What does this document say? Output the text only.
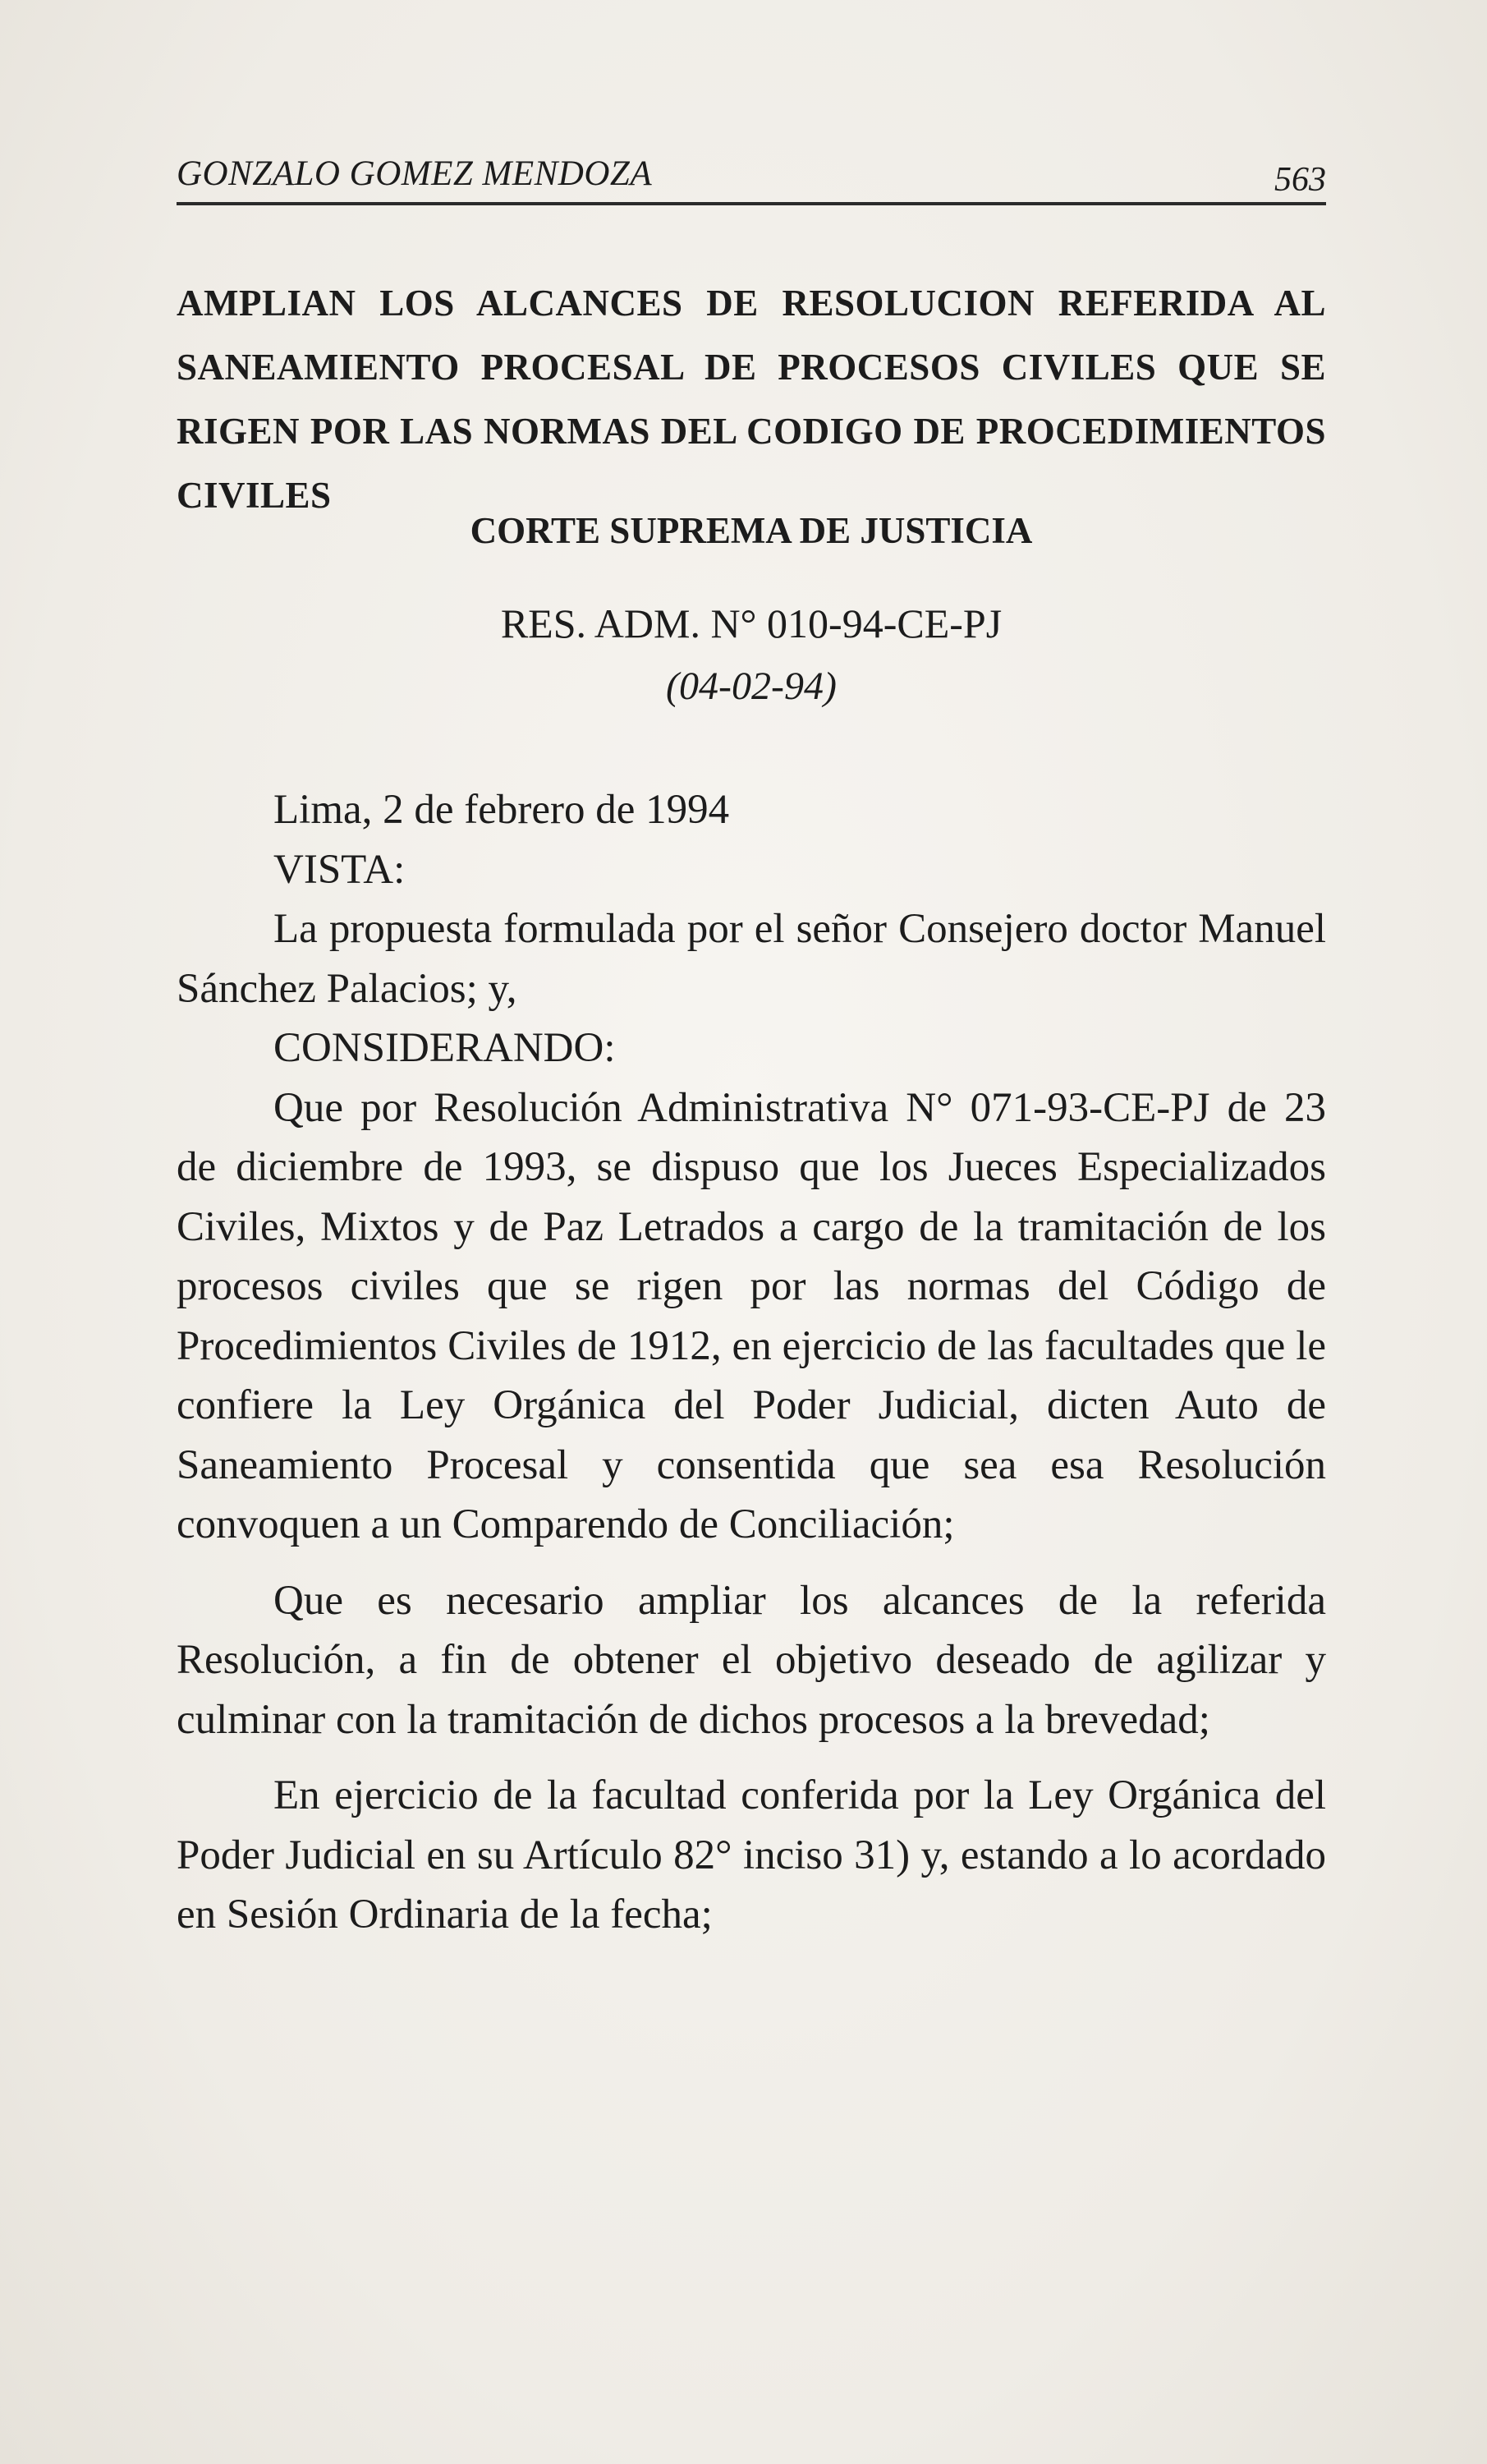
GONZALO GOMEZ MENDOZA	563
AMPLIAN LOS ALCANCES DE RESOLUCION REFERIDA AL SANEAMIENTO PROCESAL DE PROCESOS CIVILES QUE SE RIGEN POR LAS NORMAS DEL CODIGO DE PROCEDIMIENTOS CIVILES
CORTE SUPREMA DE JUSTICIA
RES. ADM. N° 010-94-CE-PJ
(04-02-94)

Lima, 2 de febrero de 1994

VISTA:

La propuesta formulada por el señor Consejero doctor Manuel Sánchez Palacios; y,

CONSIDERANDO:

Que por Resolución Administrativa N° 071-93-CE-PJ de 23 de diciembre de 1993, se dispuso que los Jueces Especializados Civiles, Mixtos y de Paz Letrados a cargo de la tramitación de los procesos civiles que se rigen por las normas del Código de Procedimientos Civiles de 1912, en ejercicio de las facultades que le confiere la Ley Orgánica del Poder Judicial, dicten Auto de Saneamiento Procesal y consentida que sea esa Resolución convoquen a un Comparendo de Conciliación;

Que es necesario ampliar los alcances de la referida Resolución, a fin de obtener el objetivo deseado de agilizar y culminar con la tramitación de dichos procesos a la brevedad;

En ejercicio de la facultad conferida por la Ley Orgánica del Poder Judicial en su Artículo 82° inciso 31) y, estando a lo acordado en Sesión Ordinaria de la fecha;
